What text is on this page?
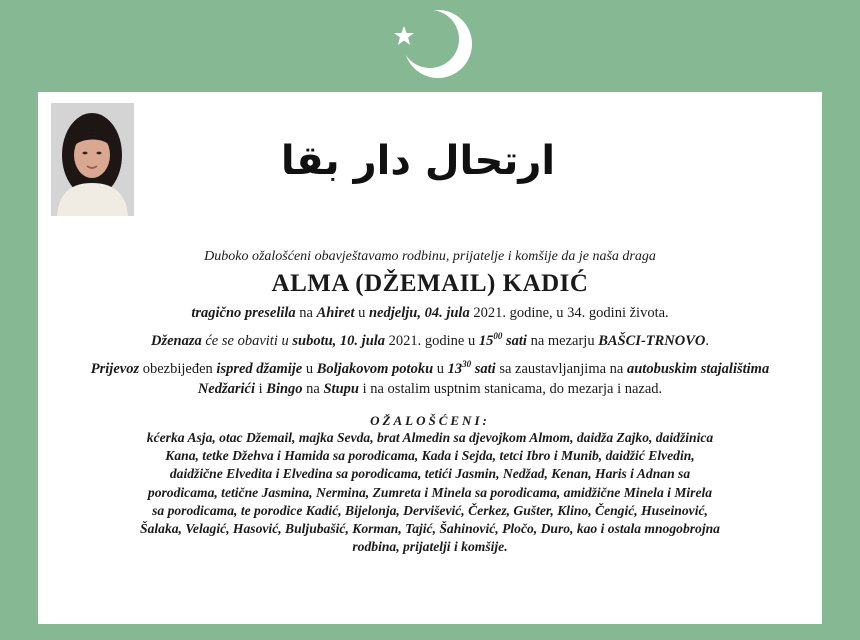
ارتحال دار بقا

Duboko ožalošćeni obavještavamo rodbinu, prijatelje i komšije da je naša draga

ALMA (DŽEMAIL) KADIĆ

tragično preselila na Ahiret u nedjelju, 04. jula 2021. godine, u 34. godini života.

Dženaza će se obaviti u subotu, 10. jula 2021. godine u $15^{00}$ sati na mezarju BAŠCI-TRNOVO.

Prijevoz obezbijeđen ispred džamije u Boljakovom potoku u $13^{30}$ sati sa zaustavljanjima na autobuskim stajalištima Nedžarići i Bingo na Stupu i na ostalim usptnim stanicama, do mezarja i nazad.

OŽALOŠĆENI:

kćerka Asja, otac Džemail, majka Sevda, brat Almedin sa djevojkom Almom, daidža Zajko, daidžinica
Kana, tetke Džehva i Hamida sa porodicama, Kada i Sejda, tetci Ibro i Munib, daidžić Elvedin,
daidžične Elvedita i Elvedina sa porodicama, tetići Jasmin, Nedžad, Kenan, Haris i Adnan sa
porodicama, tetične Jasmina, Nermina, Zumreta i Minela sa porodicama, amidžične Minela i Mirela
sa porodicama, te porodice Kadić, Bijelonja, Dervišević, Čerkez, Gušter, Klino, Čengić, Huseinović,
Šalaka, Velagić, Hasović, Buljubašić, Korman, Tajić, Šahinović, Pločo, Duro, kao i ostala mnogobrojna
rodbina, prijatelji i komšije.
